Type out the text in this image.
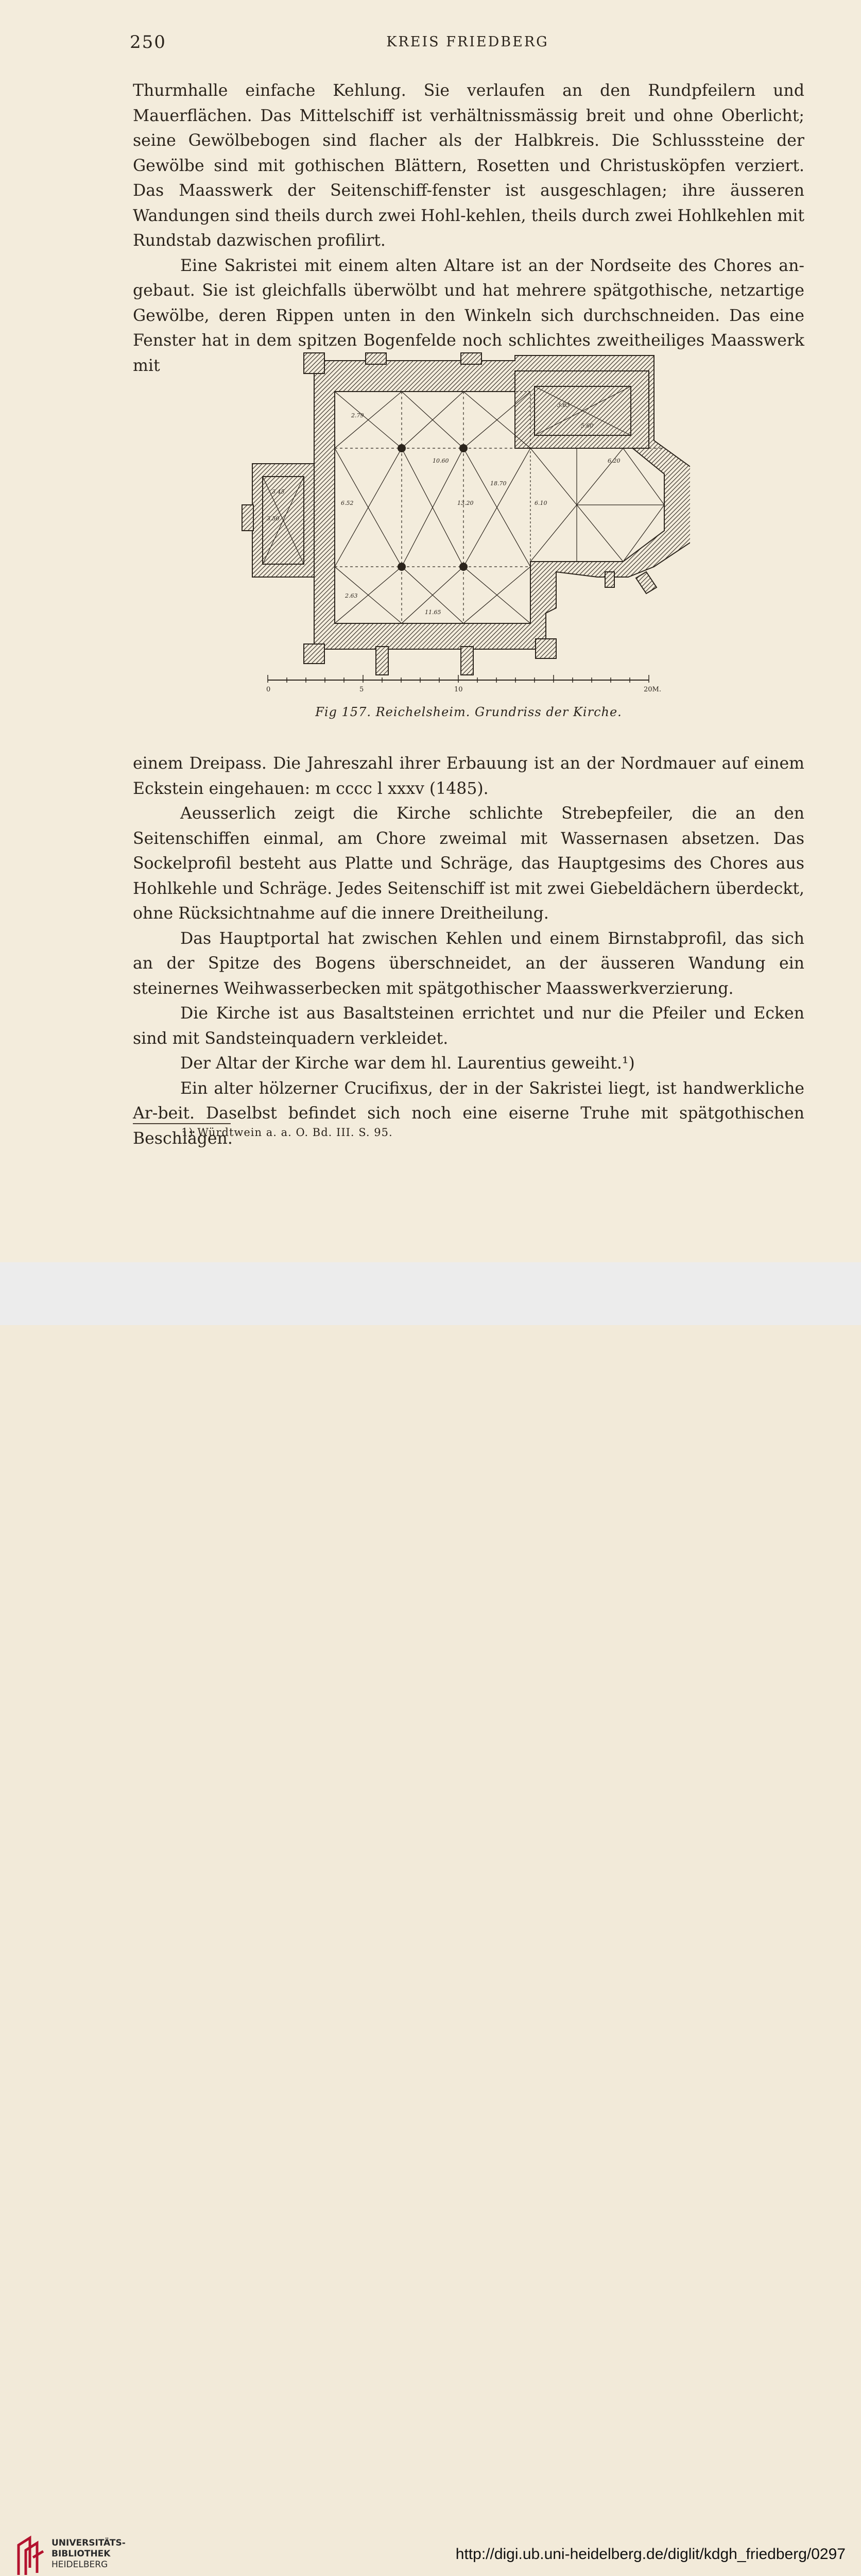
250	KREIS FRIEDBERG

Thurmhalle einfache Kehlung. Sie verlaufen an den Rundpfeilern und Mauerflächen. Das Mittelschiff ist verhältnissmässig breit und ohne Oberlicht; seine Gewölbebogen sind flacher als der Halbkreis. Die Schlusssteine der Gewölbe sind mit gothischen Blättern, Rosetten und Christusköpfen verziert. Das Maasswerk der Seitenschiff-fenster ist ausgeschlagen; ihre äusseren Wandungen sind theils durch zwei Hohl-kehlen, theils durch zwei Hohlkehlen mit Rundstab dazwischen profilirt.

Eine Sakristei mit einem alten Altare ist an der Nordseite des Chores an-gebaut. Sie ist gleichfalls überwölbt und hat mehrere spätgothische, netzartige Gewölbe, deren Rippen unten in den Winkeln sich durchschneiden. Das eine Fenster hat in dem spitzen Bogenfelde noch schlichtes zweitheiliges Maasswerk mit

10.60
18.70
6.20
13.20
6.52	6.10
3.45
3.50
3.63
5.60
2.79
2.63
11.65
0	5	10	20M.
Fig 157. Reichelsheim. Grundriss der Kirche.

einem Dreipass. Die Jahreszahl ihrer Erbauung ist an der Nordmauer auf einem Eckstein eingehauen: m cccc l xxxv (1485).

Aeusserlich zeigt die Kirche schlichte Strebepfeiler, die an den Seitenschiffen einmal, am Chore zweimal mit Wassernasen absetzen. Das Sockelprofil besteht aus Platte und Schräge, das Hauptgesims des Chores aus Hohlkehle und Schräge. Jedes Seitenschiff ist mit zwei Giebeldächern überdeckt, ohne Rücksichtnahme auf die innere Dreitheilung.

Das Hauptportal hat zwischen Kehlen und einem Birnstabprofil, das sich an der Spitze des Bogens überschneidet, an der äusseren Wandung ein steinernes Weihwasserbecken mit spätgothischer Maasswerkverzierung.

Die Kirche ist aus Basaltsteinen errichtet und nur die Pfeiler und Ecken sind mit Sandsteinquadern verkleidet.

Der Altar der Kirche war dem hl. Laurentius geweiht.¹)

Ein alter hölzerner Crucifixus, der in der Sakristei liegt, ist handwerkliche Ar-beit. Daselbst befindet sich noch eine eiserne Truhe mit spätgothischen Beschlägen.

1) Würdtwein a. a. O. Bd. III. S. 95.
UNIVERSITÄTS-
BIBLIOTHEK
HEIDELBERG
http://digi.ub.uni-heidelberg.de/diglit/kdgh_friedberg/0297
